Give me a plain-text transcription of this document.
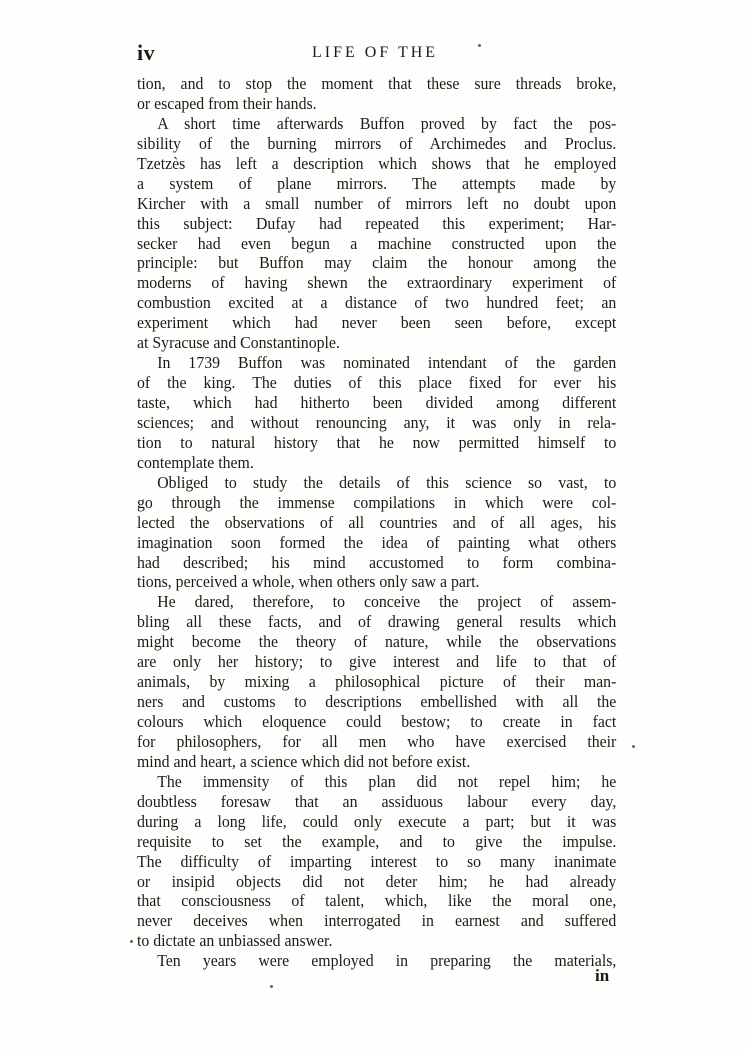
iv	LIFE OF THE
tion, and to stop the moment that these sure threads broke,
or escaped from their hands.
A short time afterwards Buffon proved by fact the pos-
sibility of the burning mirrors of Archimedes and Proclus.
Tzetzès has left a description which shows that he employed
a system of plane mirrors. The attempts made by
Kircher with a small number of mirrors left no doubt upon
this subject: Dufay had repeated this experiment; Har-
secker had even begun a machine constructed upon the
principle: but Buffon may claim the honour among the
moderns of having shewn the extraordinary experiment of
combustion excited at a distance of two hundred feet; an
experiment which had never been seen before, except
at Syracuse and Constantinople.
In 1739 Buffon was nominated intendant of the garden
of the king. The duties of this place fixed for ever his
taste, which had hitherto been divided among different
sciences; and without renouncing any, it was only in rela-
tion to natural history that he now permitted himself to
contemplate them.
Obliged to study the details of this science so vast, to
go through the immense compilations in which were col-
lected the observations of all countries and of all ages, his
imagination soon formed the idea of painting what others
had described; his mind accustomed to form combina-
tions, perceived a whole, when others only saw a part.
He dared, therefore, to conceive the project of assem-
bling all these facts, and of drawing general results which
might become the theory of nature, while the observations
are only her history; to give interest and life to that of
animals, by mixing a philosophical picture of their man-
ners and customs to descriptions embellished with all the
colours which eloquence could bestow; to create in fact
for philosophers, for all men who have exercised their
mind and heart, a science which did not before exist.
The immensity of this plan did not repel him; he
doubtless foresaw that an assiduous labour every day,
during a long life, could only execute a part; but it was
requisite to set the example, and to give the impulse.
The difficulty of imparting interest to so many inanimate
or insipid objects did not deter him; he had already
that consciousness of talent, which, like the moral one,
never deceives when interrogated in earnest and suffered
to dictate an unbiassed answer.
Ten years were employed in preparing the materials,
in
